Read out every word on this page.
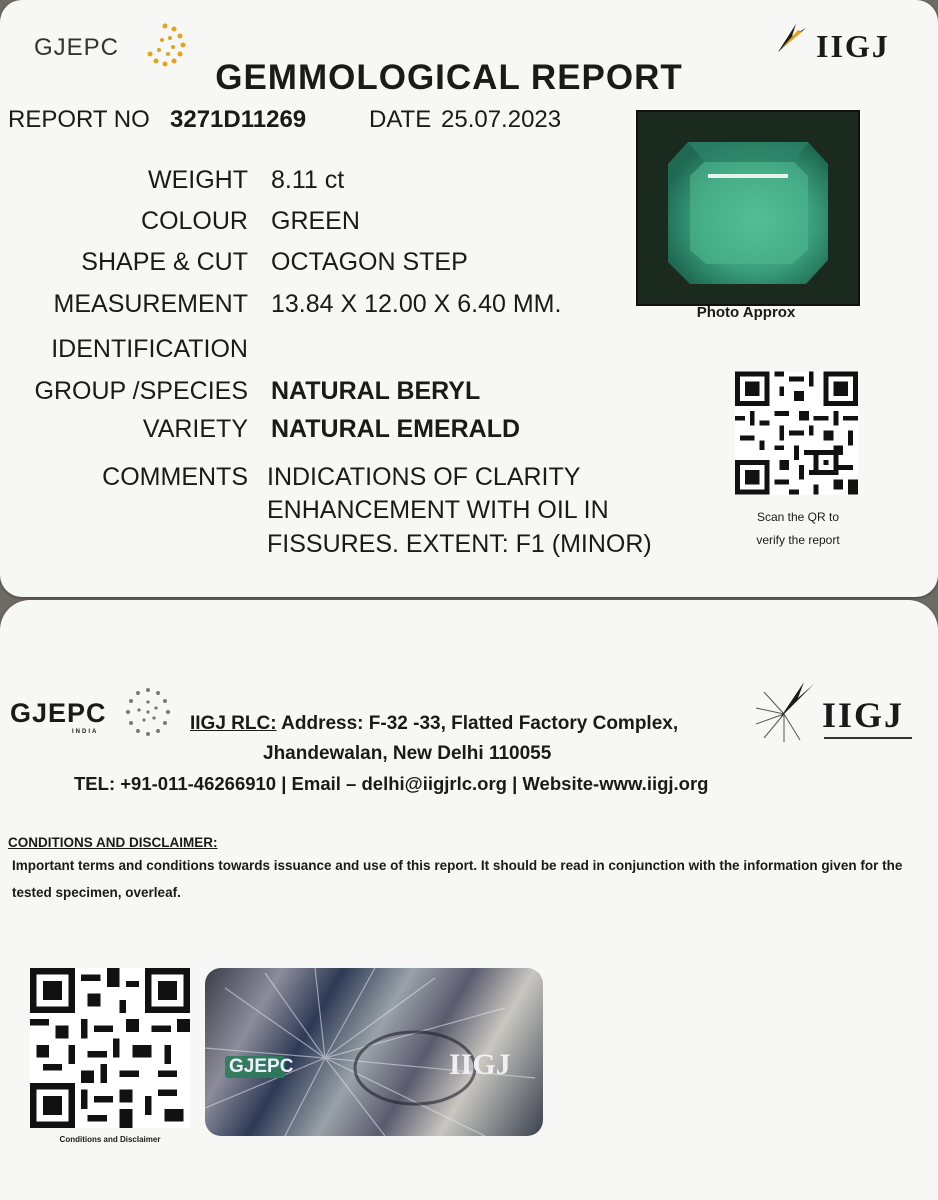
GJEPC	IIGJ
GEMMOLOGICAL REPORT
REPORT NO 3271D11269	DATE 25.07.2023
WEIGHT 8.11 ct
COLOUR GREEN
SHAPE & CUT OCTAGON STEP
MEASUREMENT 13.84 X 12.00 X 6.40 MM.
IDENTIFICATION
GROUP /SPECIES NATURAL BERYL
VARIETY NATURAL EMERALD
COMMENTS INDICATIONS OF CLARITY
ENHANCEMENT WITH OIL IN
FISSURES. EXTENT: F1 (MINOR)
Photo Approx
Scan the QR to
verify the report
GJEPC
INDIA	IIGJ
IIGJ RLC: Address: F-32 -33, Flatted Factory Complex,
Jhandewalan, New Delhi 110055
TEL: +91-011-46266910 | Email – delhi@iigjrlc.org | Website-www.iigj.org
CONDITIONS AND DISCLAIMER:
Important terms and conditions towards issuance and use of this report. It should be read in conjunction with the information given for the tested specimen, overleaf.
Conditions and Disclaimer
GJEPC	IIGJ
